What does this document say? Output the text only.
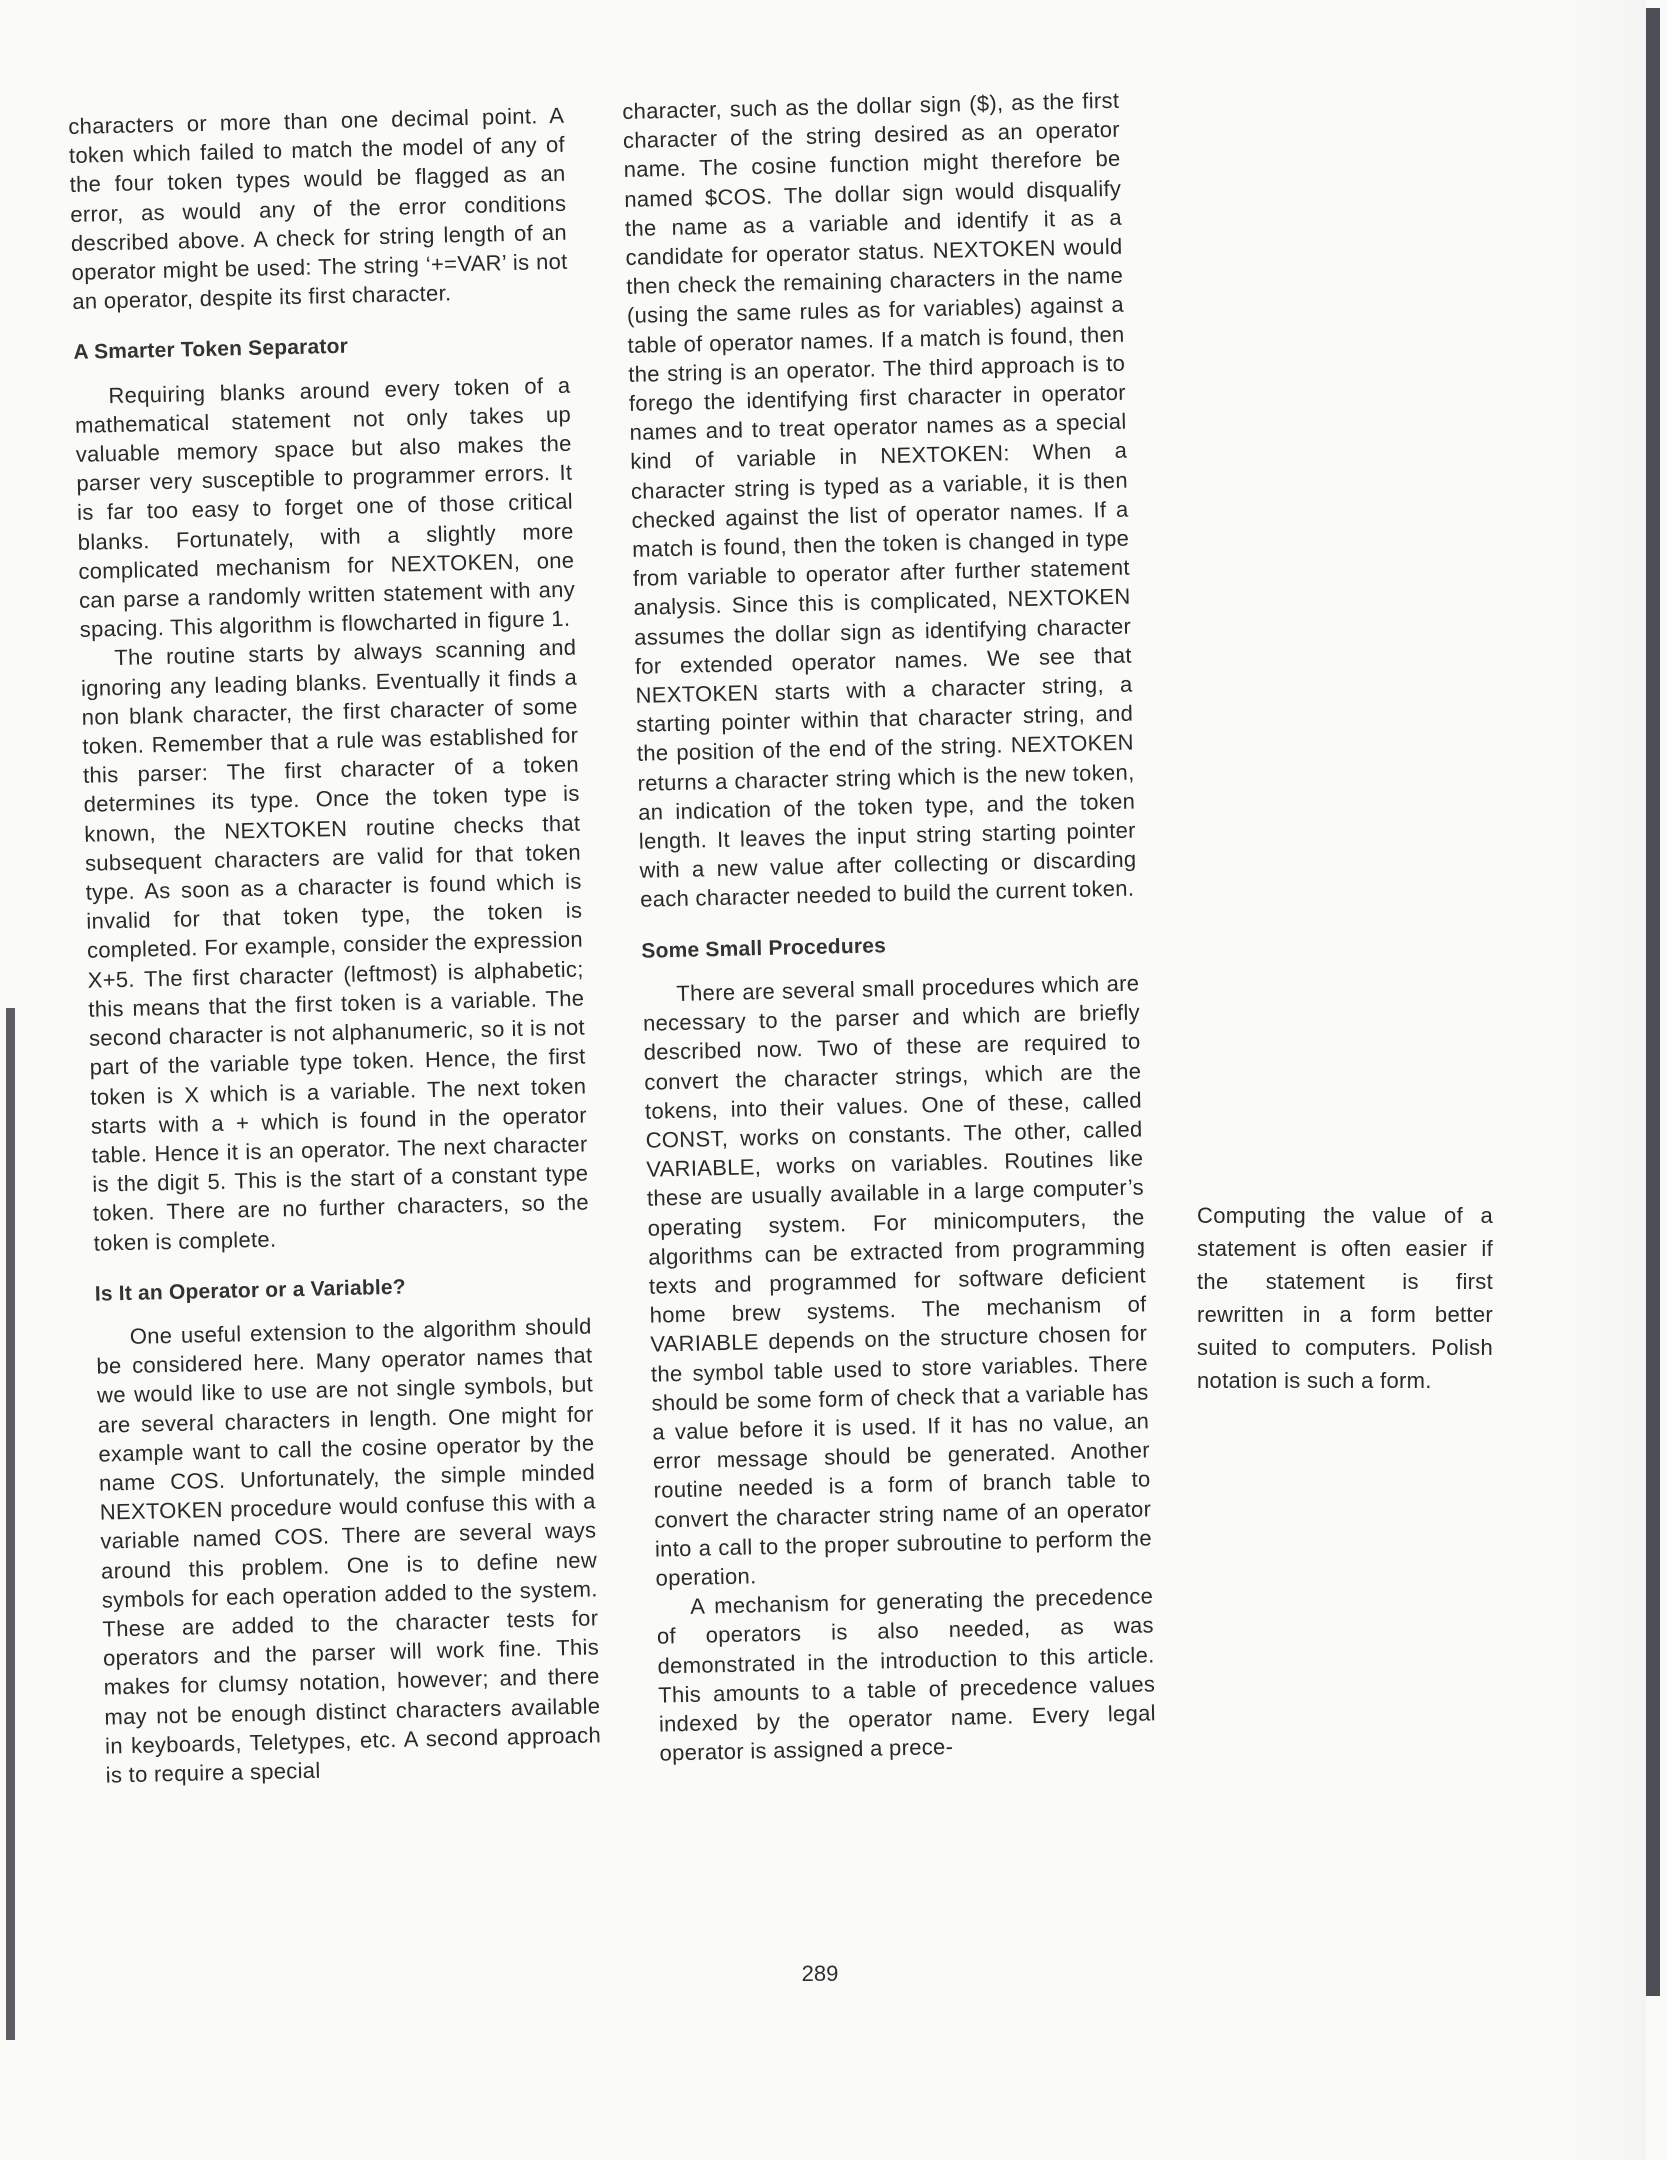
characters or more than one decimal point. A token which failed to match the model of any of the four token types would be flagged as an error, as would any of the error conditions described above. A check for string length of an operator might be used: The string ‘+=VAR’ is not an operator, despite its first character.

A Smarter Token Separator

Requiring blanks around every token of a mathematical statement not only takes up valuable memory space but also makes the parser very susceptible to programmer errors. It is far too easy to forget one of those critical blanks. Fortunately, with a slightly more complicated mechanism for NEXTOKEN, one can parse a randomly written statement with any spacing. This algorithm is flowcharted in figure 1.

The routine starts by always scanning and ignoring any leading blanks. Eventually it finds a non blank character, the first character of some token. Remember that a rule was established for this parser: The first character of a token determines its type. Once the token type is known, the NEXTOKEN routine checks that subsequent characters are valid for that token type. As soon as a character is found which is invalid for that token type, the token is completed. For example, consider the expression X+5. The first character (leftmost) is alphabetic; this means that the first token is a variable. The second character is not alphanumeric, so it is not part of the variable type token. Hence, the first token is X which is a variable. The next token starts with a + which is found in the operator table. Hence it is an operator. The next character is the digit 5. This is the start of a constant type token. There are no further characters, so the token is complete.

Is It an Operator or a Variable?

One useful extension to the algorithm should be considered here. Many operator names that we would like to use are not single symbols, but are several characters in length. One might for example want to call the cosine operator by the name COS. Unfortunately, the simple minded NEXTOKEN procedure would confuse this with a variable named COS. There are several ways around this problem. One is to define new symbols for each operation added to the system. These are added to the character tests for operators and the parser will work fine. This makes for clumsy notation, however; and there may not be enough distinct characters available in keyboards, Teletypes, etc. A second approach is to require a special

character, such as the dollar sign ($), as the first character of the string desired as an operator name. The cosine function might therefore be named $COS. The dollar sign would disqualify the name as a variable and identify it as a candidate for operator status. NEXTOKEN would then check the remaining characters in the name (using the same rules as for variables) against a table of operator names. If a match is found, then the string is an operator. The third approach is to forego the identifying first character in operator names and to treat operator names as a special kind of variable in NEXTOKEN: When a character string is typed as a variable, it is then checked against the list of operator names. If a match is found, then the token is changed in type from variable to operator after further statement analysis. Since this is complicated, NEXTOKEN assumes the dollar sign as identifying character for extended operator names. We see that NEXTOKEN starts with a character string, a starting pointer within that character string, and the position of the end of the string. NEXTOKEN returns a character string which is the new token, an indication of the token type, and the token length. It leaves the input string starting pointer with a new value after collecting or discarding each character needed to build the current token.

Some Small Procedures

There are several small procedures which are necessary to the parser and which are briefly described now. Two of these are required to convert the character strings, which are the tokens, into their values. One of these, called CONST, works on constants. The other, called VARIABLE, works on variables. Routines like these are usually available in a large computer’s operating system. For minicomputers, the algorithms can be extracted from programming texts and programmed for software deficient home brew systems. The mechanism of VARIABLE depends on the structure chosen for the symbol table used to store variables. There should be some form of check that a variable has a value before it is used. If it has no value, an error message should be generated. Another routine needed is a form of branch table to convert the character string name of an operator into a call to the proper subroutine to perform the operation.

A mechanism for generating the precedence of operators is also needed, as was demonstrated in the introduction to this article. This amounts to a table of precedence values indexed by the operator name. Every legal operator is assigned a prece-

Computing the value of a statement is often easier if the statement is first rewritten in a form better suited to computers. Polish notation is such a form.

289
